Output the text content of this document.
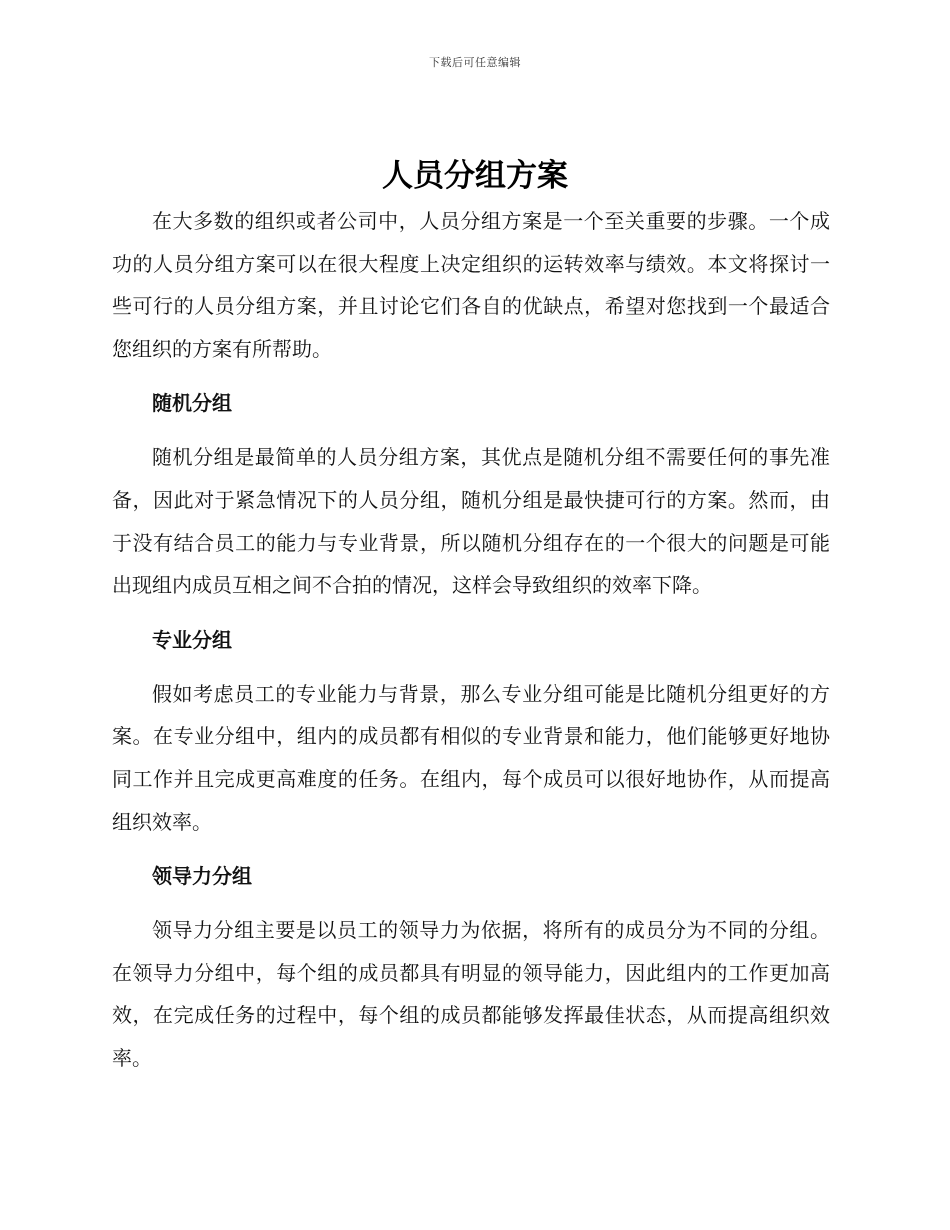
下载后可任意编辑
人员分组方案

在大多数的组织或者公司中，人员分组方案是一个至关重要的步骤。一个成功的人员分组方案可以在很大程度上决定组织的运转效率与绩效。本文将探讨一些可行的人员分组方案，并且讨论它们各自的优缺点，希望对您找到一个最适合您组织的方案有所帮助。

随机分组

随机分组是最简单的人员分组方案，其优点是随机分组不需要任何的事先准备，因此对于紧急情况下的人员分组，随机分组是最快捷可行的方案。然而，由于没有结合员工的能力与专业背景，所以随机分组存在的一个很大的问题是可能出现组内成员互相之间不合拍的情况，这样会导致组织的效率下降。

专业分组

假如考虑员工的专业能力与背景，那么专业分组可能是比随机分组更好的方案。在专业分组中，组内的成员都有相似的专业背景和能力，他们能够更好地协同工作并且完成更高难度的任务。在组内，每个成员可以很好地协作，从而提高组织效率。

领导力分组

领导力分组主要是以员工的领导力为依据，将所有的成员分为不同的分组。在领导力分组中，每个组的成员都具有明显的领导能力，因此组内的工作更加高效，在完成任务的过程中，每个组的成员都能够发挥最佳状态，从而提高组织效率。
